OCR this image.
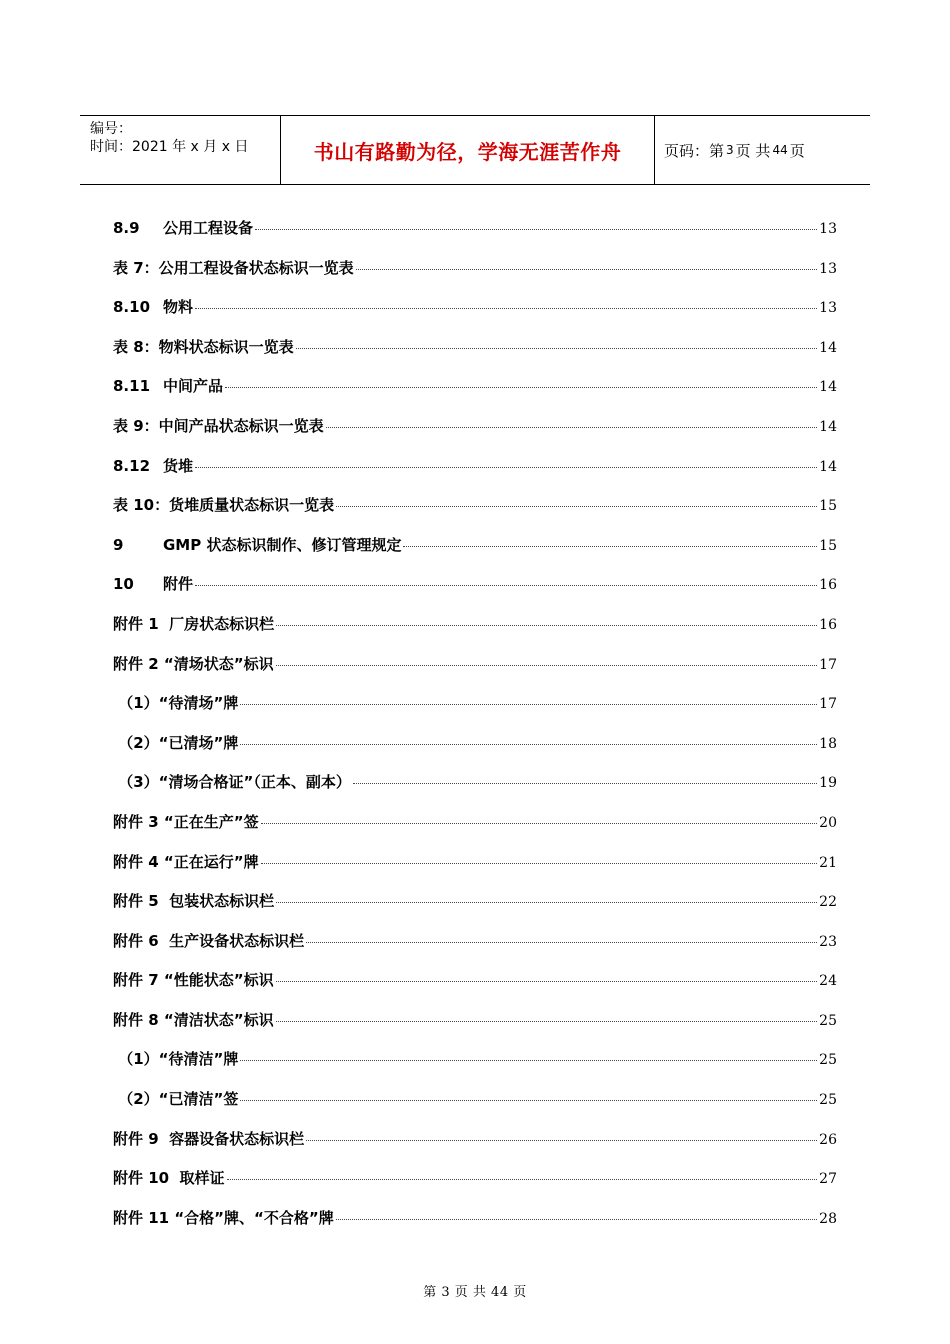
编号：
时间：2021 年 x 月 x 日	书山有路勤为径，学海无涯苦作舟	页码：第 3 页 共 44 页
8.9 公用工程设备	13
表 7：公用工程设备状态标识一览表	13
8.10 物料	13
表 8：物料状态标识一览表	14
8.11 中间产品	14
表 9：中间产品状态标识一览表	14
8.12 货堆	14
表 10：货堆质量状态标识一览表	15
9	GMP 状态标识制作、修订管理规定	15
10 附件	16
附件 1  厂房状态标识栏	16
附件 2 “清场状态”标识	17
（1）“待清场”牌	17
（2）“已清场”牌	18
（3）“清场合格证”（正本、副本）	19
附件 3 “正在生产”签	20
附件 4 “正在运行”牌	21
附件 5  包装状态标识栏	22
附件 6  生产设备状态标识栏	23
附件 7 “性能状态”标识	24
附件 8 “清洁状态”标识	25
（1）“待清洁”牌	25
（2）“已清洁”签	25
附件 9  容器设备状态标识栏	26
附件 10  取样证	27
附件 11 “合格”牌、“不合格”牌	28
第 3 页 共 44 页
